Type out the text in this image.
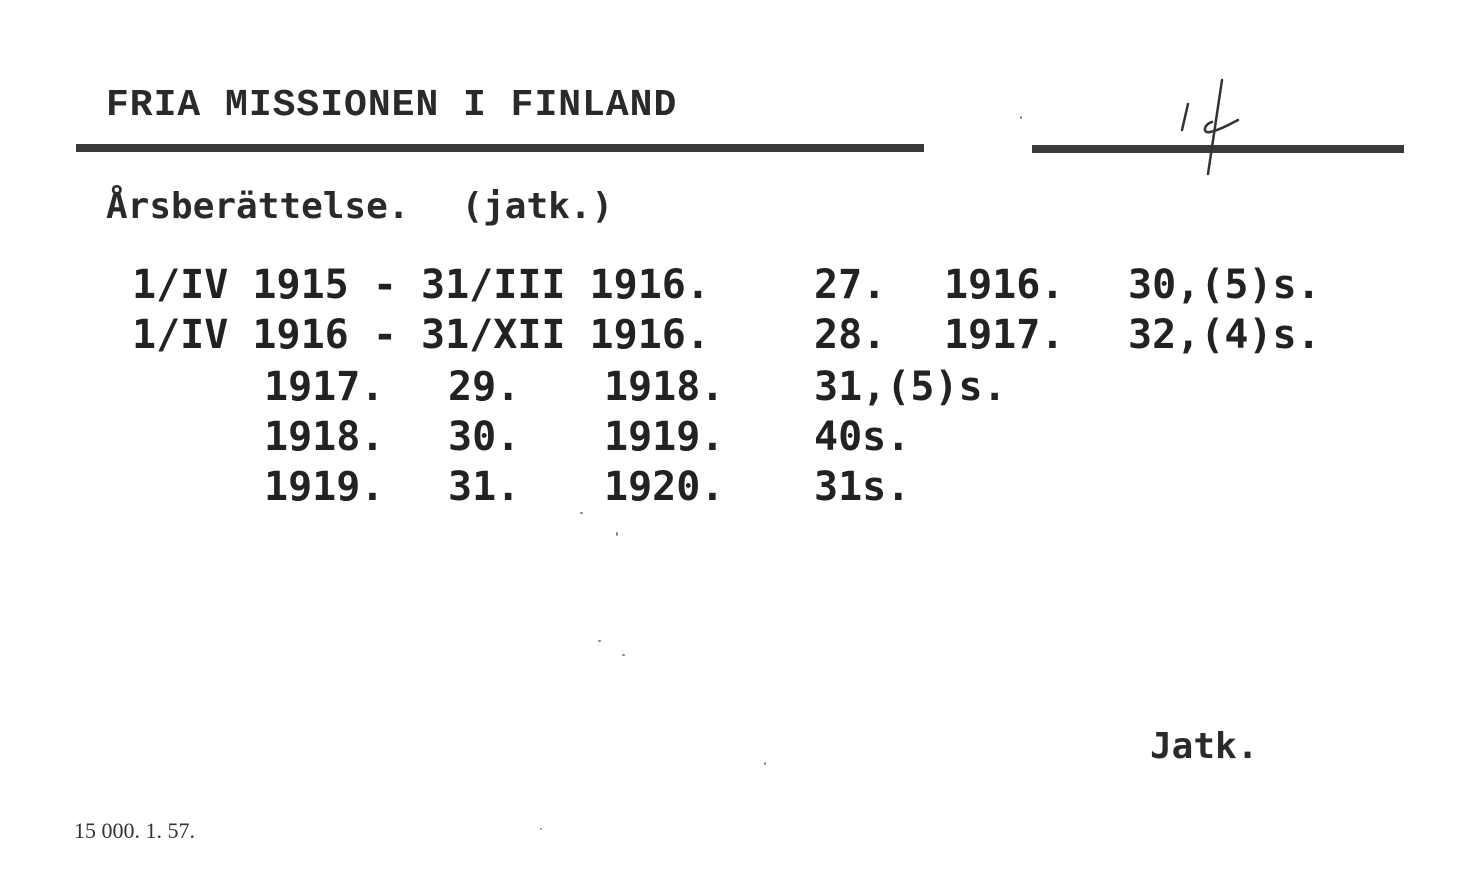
FRIA MISSIONEN I FINLAND
Årsberättelse. (jatk.)
1/IV 1915 - 31/III 1916.	27. 1916. 30,(5)s.
1/IV 1916 - 31/XII 1916.	28. 1917. 32,(4)s.
1917. 29. 1918. 31,(5)s.
1918. 30. 1919. 40s.
1919. 31. 1920. 31s.
Jatk.
15 000. 1. 57.
